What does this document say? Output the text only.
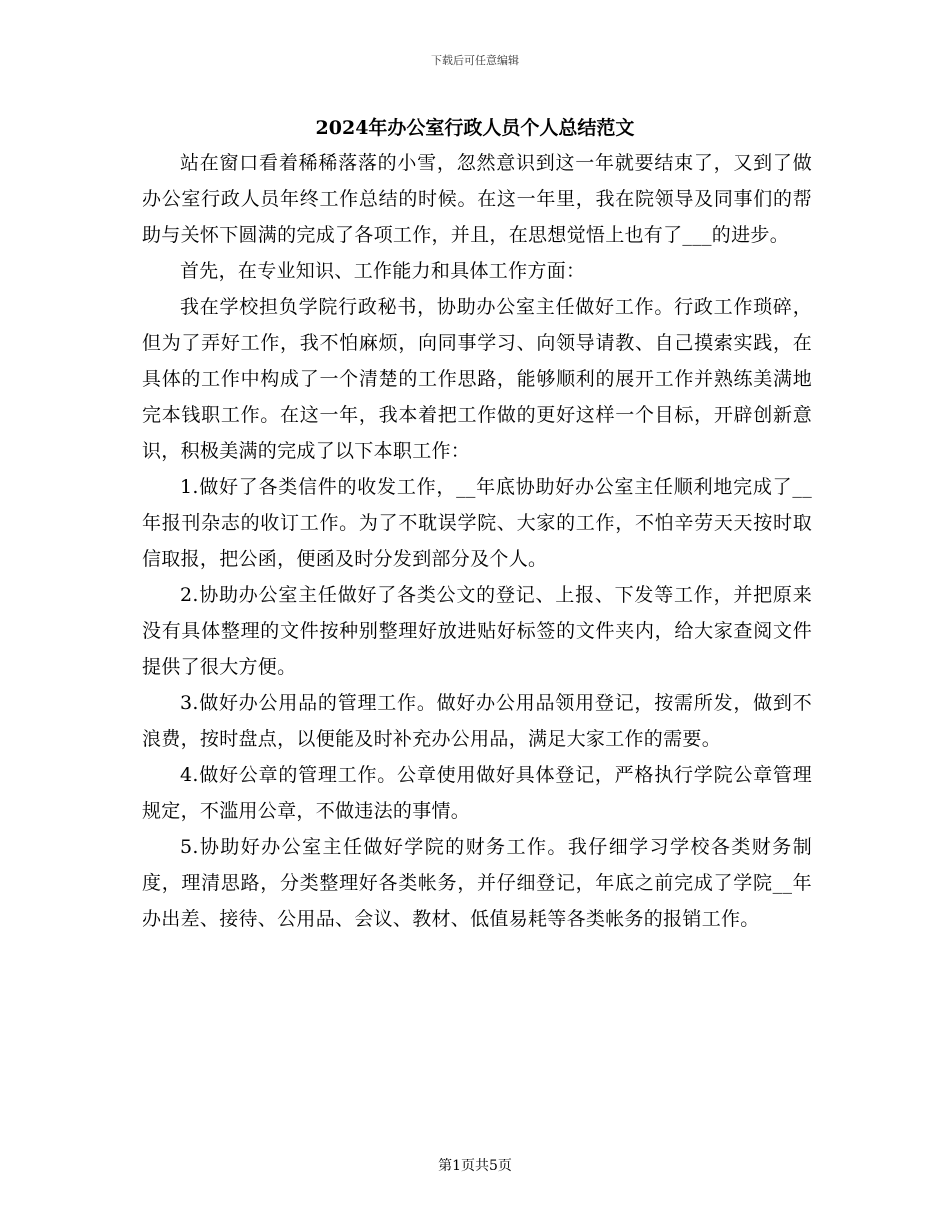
下载后可任意编辑
2024年办公室行政人员个人总结范文

站在窗口看着稀稀落落的小雪，忽然意识到这一年就要结束了，又到了做办公室行政人员年终工作总结的时候。在这一年里，我在院领导及同事们的帮助与关怀下圆满的完成了各项工作，并且，在思想觉悟上也有了___的进步。

首先，在专业知识、工作能力和具体工作方面：

我在学校担负学院行政秘书，协助办公室主任做好工作。行政工作琐碎，但为了弄好工作，我不怕麻烦，向同事学习、向领导请教、自己摸索实践，在具体的工作中构成了一个清楚的工作思路，能够顺利的展开工作并熟练美满地完本钱职工作。在这一年，我本着把工作做的更好这样一个目标，开辟创新意识，积极美满的完成了以下本职工作：

1.做好了各类信件的收发工作，__年底协助好办公室主任顺利地完成了__年报刊杂志的收订工作。为了不耽误学院、大家的工作，不怕辛劳天天按时取信取报，把公函，便函及时分发到部分及个人。

2.协助办公室主任做好了各类公文的登记、上报、下发等工作，并把原来没有具体整理的文件按种别整理好放进贴好标签的文件夹内，给大家查阅文件提供了很大方便。

3.做好办公用品的管理工作。做好办公用品领用登记，按需所发，做到不浪费，按时盘点，以便能及时补充办公用品，满足大家工作的需要。

4.做好公章的管理工作。公章使用做好具体登记，严格执行学院公章管理规定，不滥用公章，不做违法的事情。

5.协助好办公室主任做好学院的财务工作。我仔细学习学校各类财务制度，理清思路，分类整理好各类帐务，并仔细登记，年底之前完成了学院__年办出差、接待、公用品、会议、教材、低值易耗等各类帐务的报销工作。

第1页共5页
